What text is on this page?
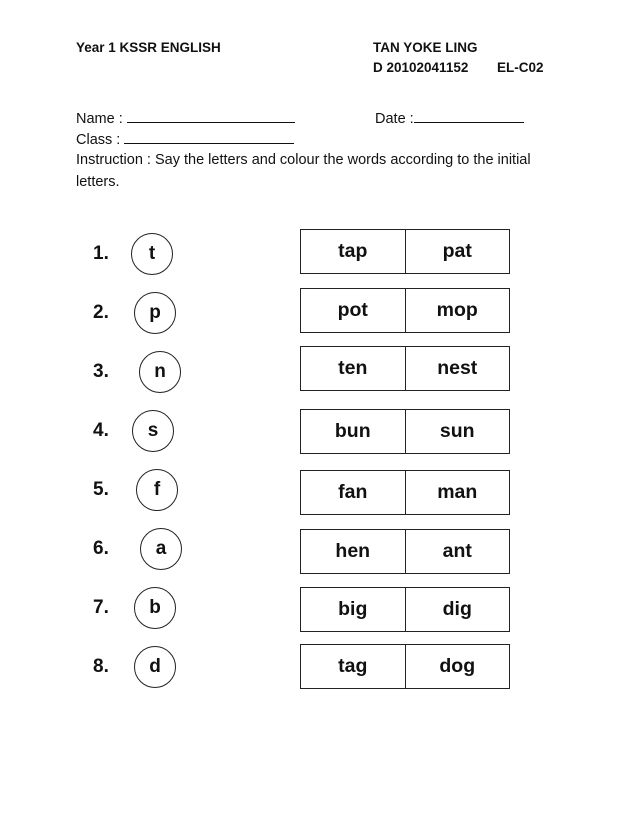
Year 1 KSSR ENGLISH	TAN YOKE LING
D 20102041152 EL-C02
Name :	Date :
Class :
Instruction : Say the letters and colour the words according to the initial letters.
1.	t	tap	pat
2.	p	pot	mop
3.	n	ten	nest
4.	s	bun	sun
5.	f	fan	man
6.	a	hen	ant
7.	b	big	dig
8.	d	tag	dog
